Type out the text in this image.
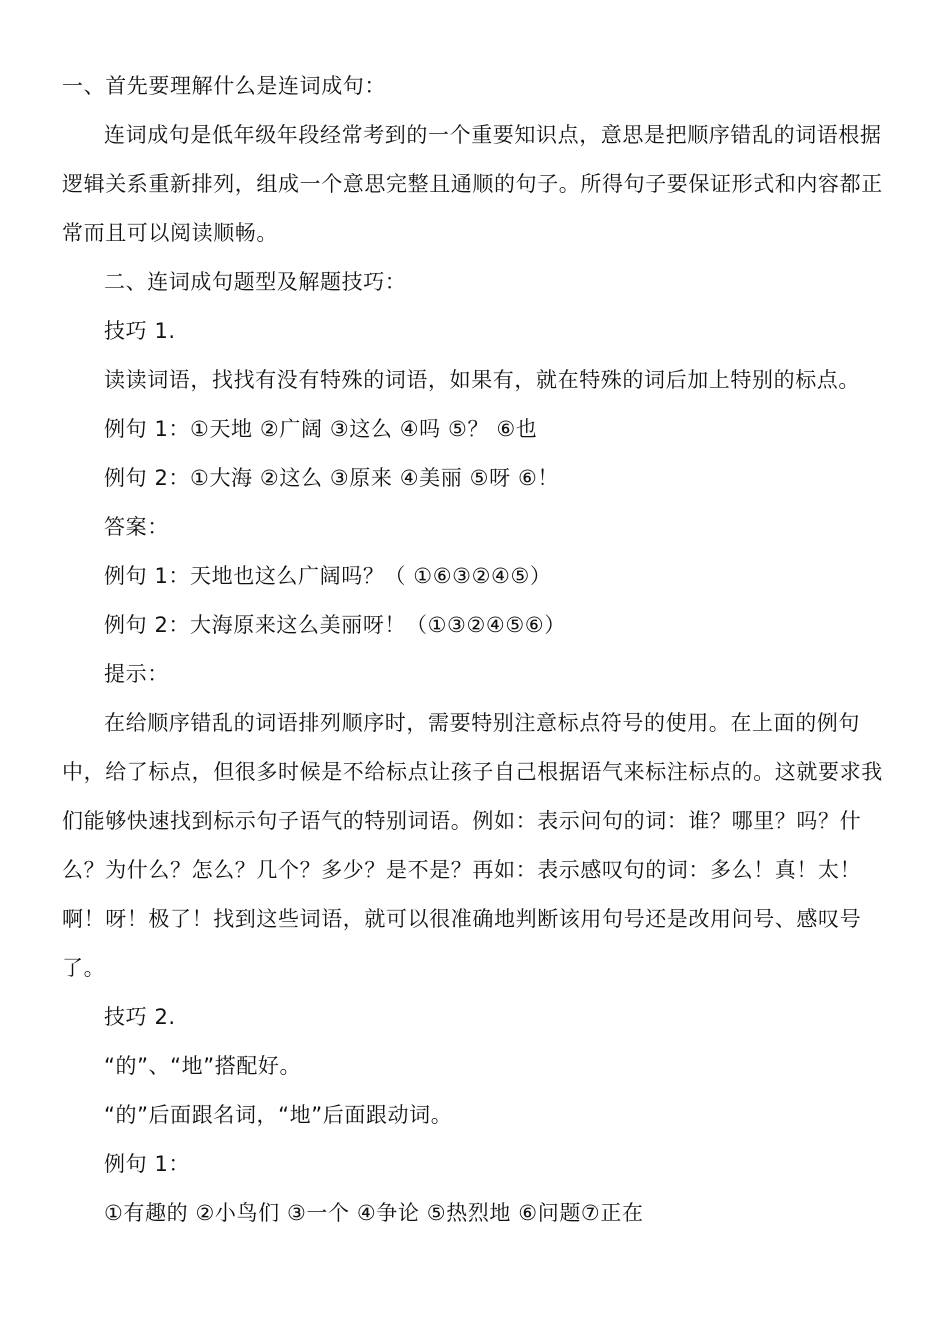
一、首先要理解什么是连词成句：

连词成句是低年级年段经常考到的一个重要知识点，意思是把顺序错乱的词语根据逻辑关系重新排列，组成一个意思完整且通顺的句子。所得句子要保证形式和内容都正常而且可以阅读顺畅。

二、连词成句题型及解题技巧：

技巧 1.

读读词语，找找有没有特殊的词语，如果有，就在特殊的词后加上特别的标点。

例句 1：①天地 ②广阔 ③这么 ④吗 ⑤？ ⑥也

例句 2：①大海 ②这么 ③原来 ④美丽 ⑤呀 ⑥！

答案：

例句 1：天地也这么广阔吗？（ ①⑥③②④⑤）

例句 2：大海原来这么美丽呀！（①③②④⑤⑥）

提示：

在给顺序错乱的词语排列顺序时，需要特别注意标点符号的使用。在上面的例句中，给了标点，但很多时候是不给标点让孩子自己根据语气来标注标点的。这就要求我们能够快速找到标示句子语气的特别词语。例如：表示问句的词：谁？哪里？吗？什么？为什么？怎么？几个？多少？是不是？再如：表示感叹句的词：多么！真！太！啊！呀！极了！找到这些词语，就可以很准确地判断该用句号还是改用问号、感叹号了。

技巧 2.

“的”、“地”搭配好。

“的”后面跟名词，“地”后面跟动词。

例句 1：

①有趣的 ②小鸟们 ③一个 ④争论 ⑤热烈地 ⑥问题⑦正在
